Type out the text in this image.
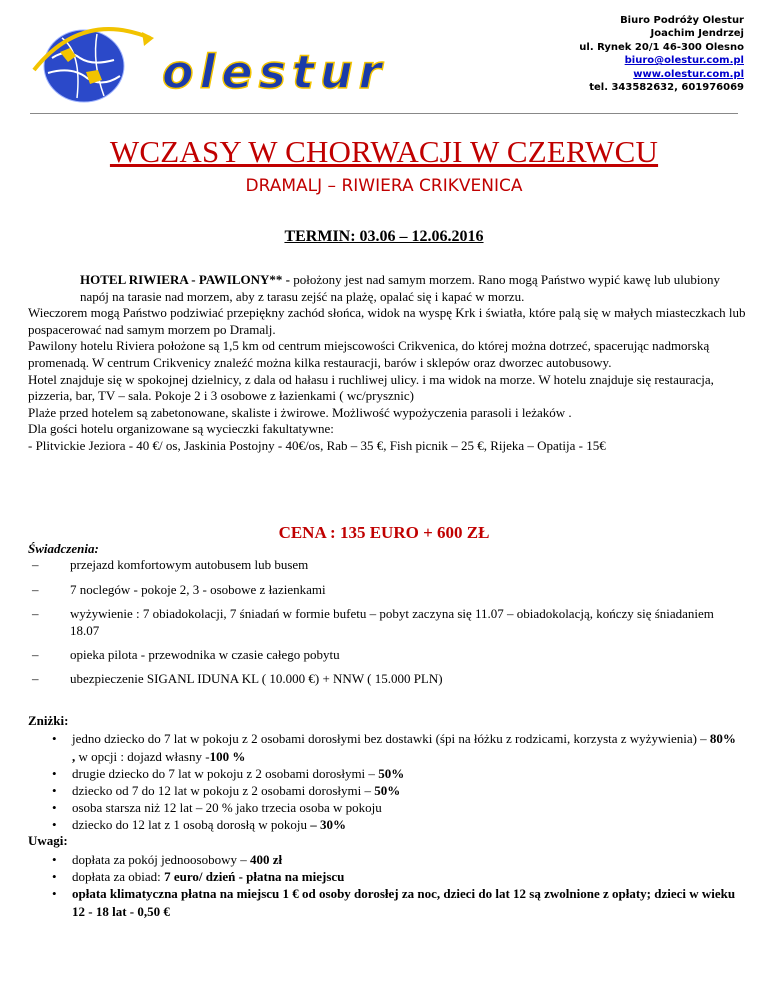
olestur
Biuro Podróży Olestur
Joachim Jendrzej
ul. Rynek 20/1 46-300 Olesno
biuro@olestur.com.pl
www.olestur.com.pl
tel. 343582632, 601976069
WCZASY W CHORWACJI W CZERWCU
DRAMALJ – RIWIERA CRIKVENICA
TERMIN: 03.06 – 12.06.2016
HOTEL RIWIERA - PAWILONY** - położony jest nad samym morzem. Rano mogą Państwo wypić kawę lub ulubiony napój na tarasie nad morzem, aby z tarasu zejść na plażę, opalać się i kapać w morzu.
Wieczorem mogą Państwo podziwiać przepiękny zachód słońca, widok na wyspę Krk i światła, które palą się w małych miasteczkach lub pospacerować nad samym morzem po Dramalj.
Pawilony hotelu Riviera położone są 1,5 km od centrum miejscowości Crikvenica, do której można dotrzeć, spacerując nadmorską promenadą. W centrum Crikvenicy znaleźć można kilka restauracji, barów i sklepów oraz dworzec autobusowy.
Hotel znajduje się w spokojnej dzielnicy, z dala od hałasu i ruchliwej ulicy. i ma widok na morze. W hotelu znajduje się restauracja, pizzeria, bar, TV – sala. Pokoje 2 i 3 osobowe z łazienkami ( wc/prysznic)
Plaże przed hotelem są zabetonowane, skaliste i żwirowe. Możliwość wypożyczenia parasoli i leżaków .
Dla gości hotelu organizowane są wycieczki fakultatywne:
- Plitvickie Jeziora - 40 €/ os, Jaskinia Postojny - 40€/os, Rab – 35 €, Fish picnik – 25 €, Rijeka – Opatija - 15€
CENA : 135 EURO + 600 ZŁ
Świadczenia:
– przejazd komfortowym autobusem lub busem
– 7 noclegów - pokoje 2, 3 - osobowe z łazienkami
– wyżywienie : 7 obiadokolacji, 7 śniadań w formie bufetu – pobyt zaczyna się 11.07 – obiadokolacją, kończy się śniadaniem 18.07
– opieka pilota - przewodnika w czasie całego pobytu
– ubezpieczenie SIGANL IDUNA KL ( 10.000 €) + NNW ( 15.000 PLN)
Zniżki:
• jedno dziecko do 7 lat w pokoju z 2 osobami dorosłymi bez dostawki (śpi na łóżku z rodzicami, korzysta z wyżywienia) – 80% , w opcji : dojazd własny -100 %
• drugie dziecko do 7 lat w pokoju z 2 osobami dorosłymi – 50%
• dziecko od 7 do 12 lat w pokoju z 2 osobami dorosłymi – 50%
• osoba starsza niż 12 lat – 20 % jako trzecia osoba w pokoju
• dziecko do 12 lat z 1 osobą dorosłą w pokoju – 30%
Uwagi:
• dopłata za pokój jednoosobowy – 400 zł
• dopłata za obiad: 7 euro/ dzień - płatna na miejscu
• opłata klimatyczna płatna na miejscu 1 € od osoby dorosłej za noc, dzieci do lat 12 są zwolnione z opłaty; dzieci w wieku 12 - 18 lat - 0,50 €
